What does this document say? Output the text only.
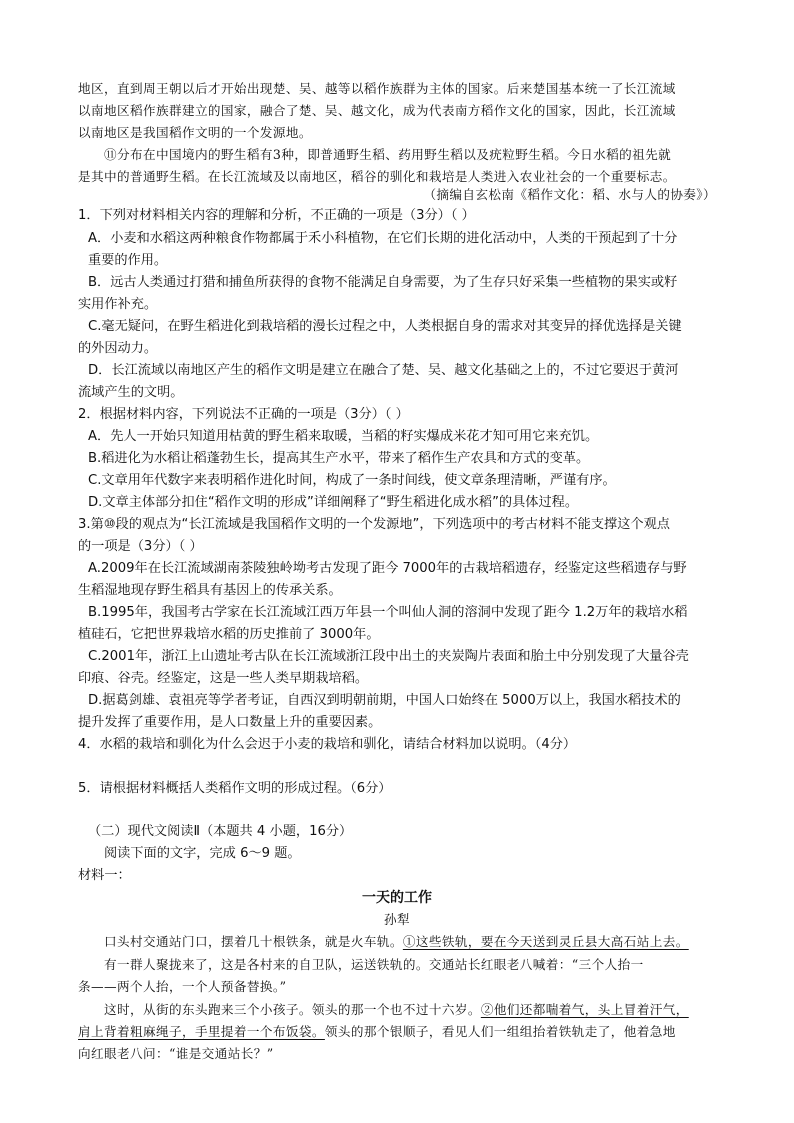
地区，直到周王朝以后才开始出现楚、吴、越等以稻作族群为主体的国家。后来楚国基本统一了长江流域
以南地区稻作族群建立的国家，融合了楚、吴、越文化，成为代表南方稻作文化的国家，因此，长江流域
以南地区是我国稻作文明的一个发源地。
⑪分布在中国境内的野生稻有3种，即普通野生稻、药用野生稻以及疣粒野生稻。今日水稻的祖先就
是其中的普通野生稻。在长江流域及以南地区，稻谷的驯化和栽培是人类进入农业社会的一个重要标志。
（摘编自玄松南《稻作文化：稻、水与人的协奏》）
1．下列对材料相关内容的理解和分析，不正确的一项是（3分）（ ）
A．小麦和水稻这两种粮食作物都属于禾小科植物，在它们长期的进化活动中，人类的干预起到了十分
重要的作用。
B．远古人类通过打猎和捕鱼所获得的食物不能满足自身需要，为了生存只好采集一些植物的果实或籽
实用作补充。
C.毫无疑问，在野生稻进化到栽培稻的漫长过程之中，人类根据自身的需求对其变异的择优选择是关键
的外因动力。
D．长江流域以南地区产生的稻作文明是建立在融合了楚、吴、越文化基础之上的，不过它要迟于黄河
流域产生的文明。
2．根据材料内容，下列说法不正确的一项是（3分）（ ）
A．先人一开始只知道用枯黄的野生稻来取暖，当稻的籽实爆成米花才知可用它来充饥。
B.稻进化为水稻让稻蓬勃生长，提高其生产水平，带来了稻作生产农具和方式的变革。
C.文章用年代数字来表明稻作进化时间，构成了一条时间线，使文章条理清晰，严谨有序。
D.文章主体部分扣住“稻作文明的形成”详细阐释了“野生稻进化成水稻”的具体过程。
3.第⑩段的观点为“长江流域是我国稻作文明的一个发源地”，下列选项中的考古材料不能支撑这个观点
的一项是（3分）（ ）
A.2009年在长江流域湖南茶陵独岭坳考古发现了距今 7000年的古栽培稻遗存，经鉴定这些稻遗存与野
生稻湿地现存野生稻具有基因上的传承关系。
B.1995年，我国考古学家在长江流域江西万年县一个叫仙人洞的溶洞中发现了距今 1.2万年的栽培水稻
植硅石，它把世界栽培水稻的历史推前了 3000年。
C.2001年，浙江上山遗址考古队在长江流域浙江段中出土的夹炭陶片表面和胎土中分别发现了大量谷壳
印痕、谷壳。经鉴定，这是一些人类早期栽培稻。
D.据葛剑雄、袁祖亮等学者考证，自西汉到明朝前期，中国人口始终在 5000万以上，我国水稻技术的
提升发挥了重要作用，是人口数量上升的重要因素。
4．水稻的栽培和驯化为什么会迟于小麦的栽培和驯化，请结合材料加以说明。（4分）
5．请根据材料概括人类稻作文明的形成过程。（6分）
（二）现代文阅读Ⅱ（本题共 4 小题，16分）
阅读下面的文字，完成 6～9 题。
材料一：
一天的工作
孙犁
口头村交通站门口，摆着几十根铁条，就是火车轨。①这些铁轨，要在今天送到灵丘县大高石站上去。
有一群人聚拢来了，这是各村来的自卫队，运送铁轨的。交通站长红眼老八喊着：“三个人抬一
条——两个人抬，一个人预备替换。”
这时，从街的东头跑来三个小孩子。领头的那一个也不过十六岁。②他们还都喘着气，头上冒着汗气，
肩上背着粗麻绳子，手里提着一个布饭袋。领头的那个银顺子，看见人们一组组抬着铁轨走了，他着急地
向红眼老八问：“谁是交通站长？”
